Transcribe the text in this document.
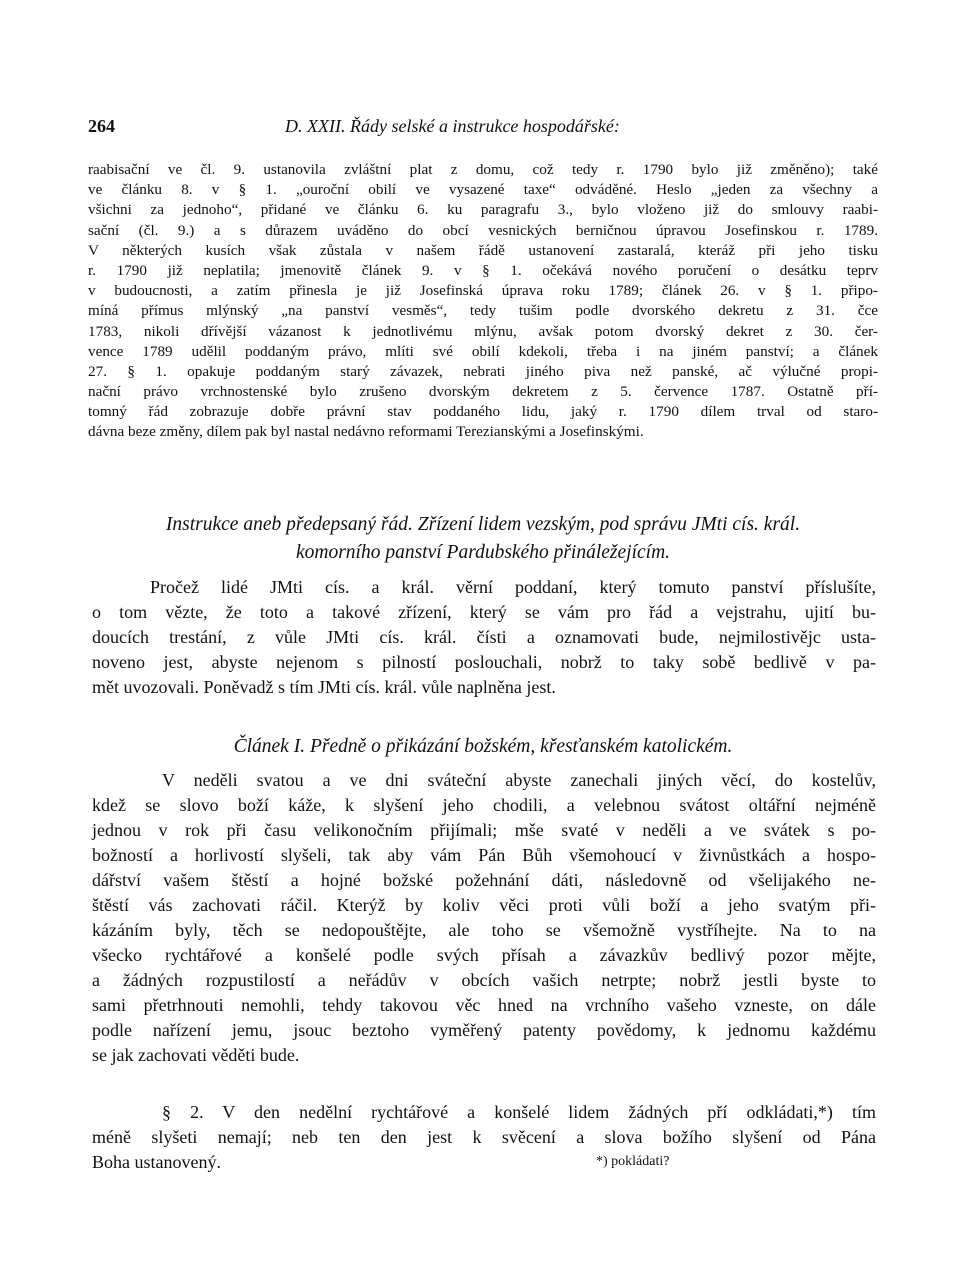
264	D. XXII. Řády selské a instrukce hospodářské:
raabisační ve čl. 9. ustanovila zvláštní plat z domu, což tedy r. 1790 bylo již změněno); také
ve článku 8. v § 1. „ouroční obilí ve vysazené taxe“ odváděné. Heslo „jeden za všechny a
všichni za jednoho“, přidané ve článku 6. ku paragrafu 3., bylo vloženo již do smlouvy raabi-
sační (čl. 9.) a s důrazem uváděno do obcí vesnických berničnou úpravou Josefinskou r. 1789.
V některých kusích však zůstala v našem řádě ustanovení zastaralá, kteráž při jeho tisku
r. 1790 již neplatila; jmenovitě článek 9. v § 1. očekává nového poručení o desátku teprv
v budoucnosti, a zatím přinesla je již Josefinská úprava roku 1789; článek 26. v § 1. připo-
míná přímus mlýnský „na panství vesměs“, tedy tušim podle dvorského dekretu z 31. čce
1783, nikoli dřívější vázanost k jednotlivému mlýnu, avšak potom dvorský dekret z 30. čer-
vence 1789 udělil poddaným právo, mlíti své obilí kdekoli, třeba i na jiném panství; a článek
27. § 1. opakuje poddaným starý závazek, nebrati jiného piva než panské, ač výlučné propi-
nační právo vrchnostenské bylo zrušeno dvorským dekretem z 5. července 1787. Ostatně pří-
tomný řád zobrazuje dobře právní stav poddaného lidu, jaký r. 1790 dílem trval od staro-
dávna beze změny, dílem pak byl nastal nedávno reformami Terezianskými a Josefinskými.
Instrukce aneb předepsaný řád. Zřízení lidem vezským, pod správu JMti cís. král.
komorního panství Pardubského přináležejícím.
Pročež lidé JMti cís. a král. věrní poddaní, který tomuto panství příslušíte,
o tom vězte, že toto a takové zřízení, který se vám pro řád a vejstrahu, ujití bu-
doucích trestání, z vůle JMti cís. král. čísti a oznamovati bude, nejmilostivějc usta-
noveno jest, abyste nejenom s pilností poslouchali, nobrž to taky sobě bedlivě v pa-
mět uvozovali. Poněvadž s tím JMti cís. král. vůle naplněna jest.
Článek I. Předně o přikázání božském, křesťanském katolickém.
V neděli svatou a ve dni sváteční abyste zanechali jiných věcí, do kostelův,
kdež se slovo boží káže, k slyšení jeho chodili, a velebnou svátost oltářní nejméně
jednou v rok při času velikonočním přijímali; mše svaté v neděli a ve svátek s po-
božností a horlivostí slyšeli, tak aby vám Pán Bůh všemohoucí v živnůstkách a hospo-
dářství vašem štěstí a hojné božské požehnání dáti, následovně od všelijakého ne-
štěstí vás zachovati ráčil. Kterýž by koliv věci proti vůli boží a jeho svatým při-
kázáním byly, těch se nedopouštějte, ale toho se všemožně vystříhejte. Na to na
všecko rychtářové a konšelé podle svých přísah a závazkův bedlivý pozor mějte,
a žádných rozpustilostí a neřádův v obcích vašich netrpte; nobrž jestli byste to
sami přetrhnouti nemohli, tehdy takovou věc hned na vrchního vašeho vzneste, on dále
podle nařízení jemu, jsouc beztoho vyměřený patenty povědomy, k jednomu každému
se jak zachovati věděti bude.
§ 2. V den nedělní rychtářové a konšelé lidem žádných pří odkládati,*) tím
méně slyšeti nemají; neb ten den jest k svěcení a slova božího slyšení od Pána
Boha ustanovený.	*) pokládati?
